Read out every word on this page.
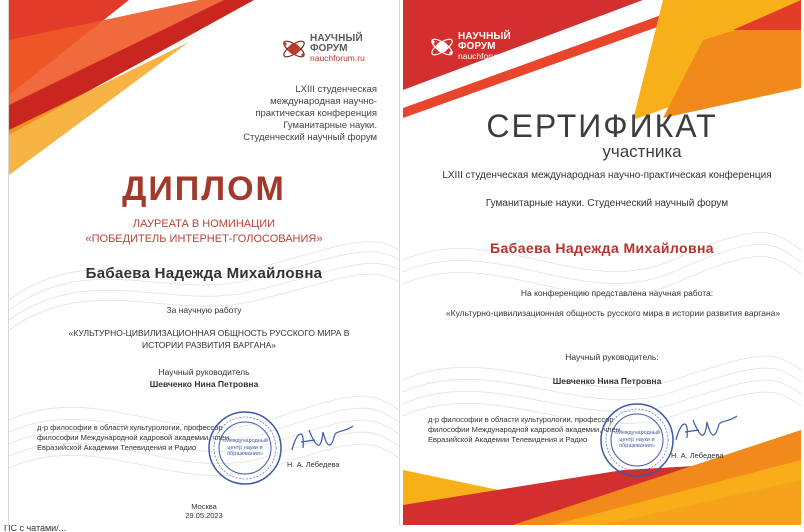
НАУЧНЫЙ
ФОРУМ
nauchforum.ru
LXIII студенческая международная научно-практическая конференция Гуманитарные науки. Студенческий научный форум
ДИПЛОМ
ЛАУРЕАТА В НОМИНАЦИИ
«ПОБЕДИТЕЛЬ ИНТЕРНЕТ-ГОЛОСОВАНИЯ»
Бабаева Надежда Михайловна
За научную работу
«КУЛЬТУРНО-ЦИВИЛИЗАЦИОННАЯ ОБЩНОСТЬ РУССКОГО МИРА В ИСТОРИИ РАЗВИТИЯ ВАРГАНА»
Научный руководитель
Шевченко Нина Петровна
д-р философии в области культурологии, профессор философии Международной кадровой академии, член Евразийской Академии Телевидения и Радио
«Международный центр науки и образования»
Н. А. Лебедева
Москва
29.05.2023
НАУЧНЫЙ
ФОРУМ
nauchforum.ru
СЕРТИФИКАТ
участника
LXIII студенческая международная научно-практическая конференция
Гуманитарные науки. Студенческий научный форум
Бабаева Надежда Михайловна
На конференцию представлена научная работа:
«Культурно-цивилизационная общность русского мира в истории развития варгана»
Научный руководитель:
Шевченко Нина Петровна
д-р философии в области культурологии, профессор философии Международной кадровой академии, член Евразийской Академии Телевидения и Радио
«Международный центр науки и образования»
Н. А. Лебедева
ПС с чатами/...
